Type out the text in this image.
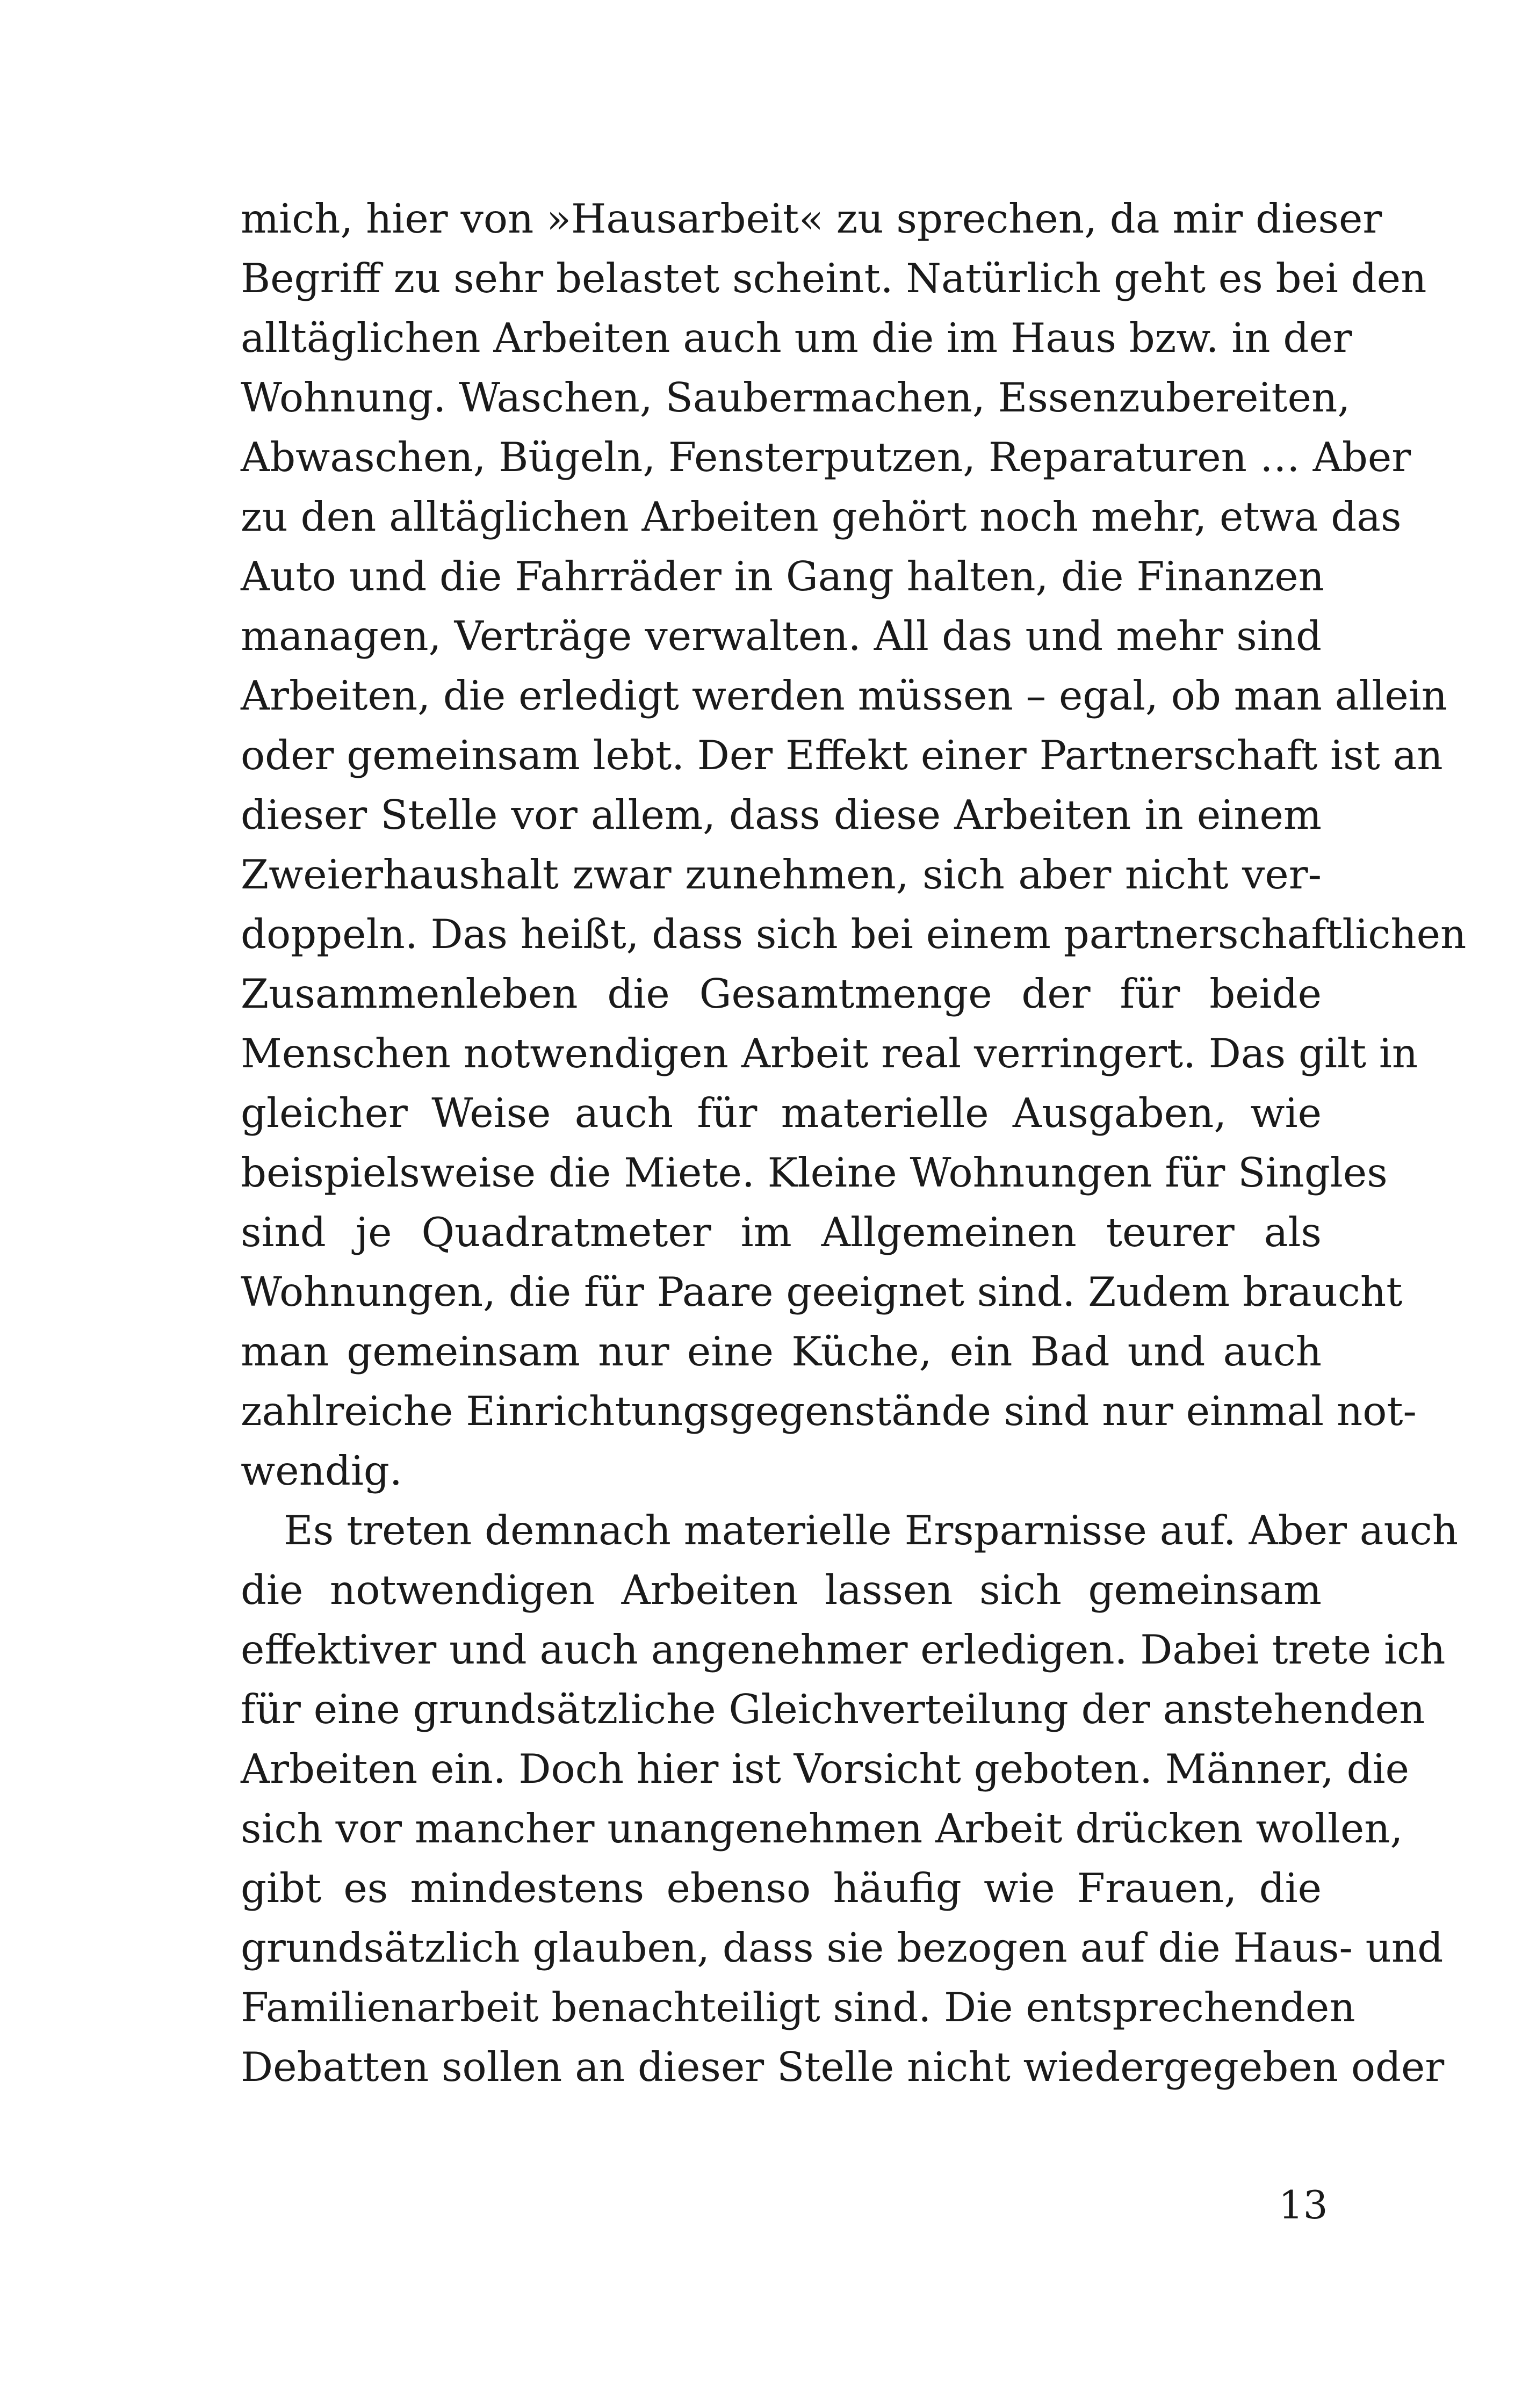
mich, hier von »Hausarbeit« zu sprechen, da mir dieser
Begriff zu sehr belastet scheint. Natürlich geht es bei den
alltäglichen Arbeiten auch um die im Haus bzw. in der
Wohnung. Waschen, Saubermachen, Essenzubereiten,
Abwaschen, Bügeln, Fensterputzen, Reparaturen … Aber
zu den alltäglichen Arbeiten gehört noch mehr, etwa das
Auto und die Fahrräder in Gang halten, die Finanzen
managen, Verträge verwalten. All das und mehr sind
Arbeiten, die erledigt werden müssen – egal, ob man allein
oder gemeinsam lebt. Der Effekt einer Partnerschaft ist an
dieser Stelle vor allem, dass diese Arbeiten in einem
Zweierhaushalt zwar zunehmen, sich aber nicht ver-
doppeln. Das heißt, dass sich bei einem partnerschaftlichen
Zusammenleben die Gesamtmenge der für beide
Menschen notwendigen Arbeit real verringert. Das gilt in
gleicher Weise auch für materielle Ausgaben, wie
beispielsweise die Miete. Kleine Wohnungen für Singles
sind je Quadratmeter im Allgemeinen teurer als
Wohnungen, die für Paare geeignet sind. Zudem braucht
man gemeinsam nur eine Küche, ein Bad und auch
zahlreiche Einrichtungsgegenstände sind nur einmal not-
wendig.
Es treten demnach materielle Ersparnisse auf. Aber auch
die notwendigen Arbeiten lassen sich gemeinsam
effektiver und auch angenehmer erledigen. Dabei trete ich
für eine grundsätzliche Gleichverteilung der anstehenden
Arbeiten ein. Doch hier ist Vorsicht geboten. Männer, die
sich vor mancher unangenehmen Arbeit drücken wollen,
gibt es mindestens ebenso häufig wie Frauen, die
grundsätzlich glauben, dass sie bezogen auf die Haus- und
Familienarbeit benachteiligt sind. Die entsprechenden
Debatten sollen an dieser Stelle nicht wiedergegeben oder
13
